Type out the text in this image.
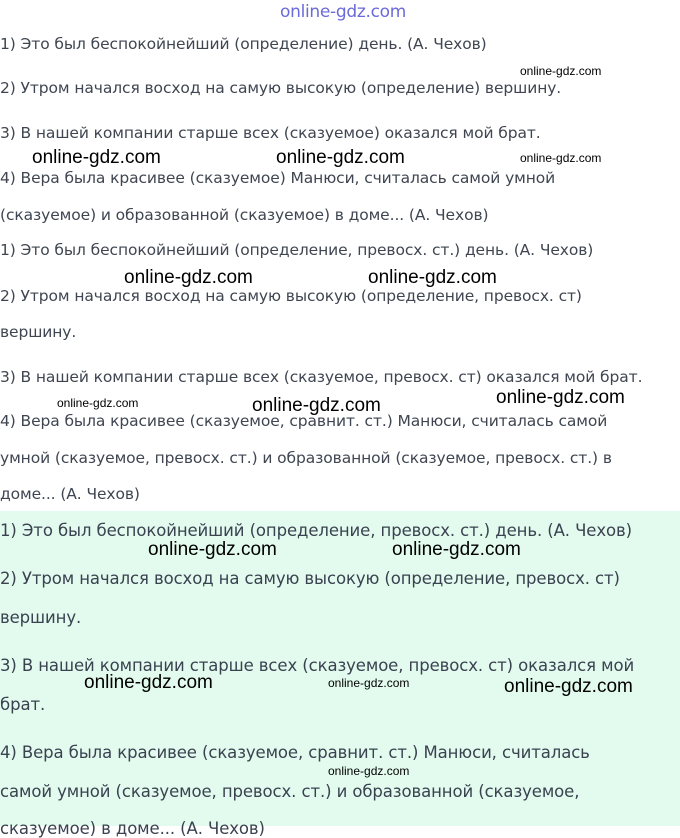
1) Это был беспокойнейший (определение) день. (А. Чехов)
2) Утром начался восход на самую высокую (определение) вершину.
3) В нашей компании старше всех (сказуемое) оказался мой брат.
4) Вера была красивее (сказуемое) Манюси, считалась самой умной
(сказуемое) и образованной (сказуемое) в доме... (А. Чехов)
1) Это был беспокойнейший (определение, превосх. ст.) день. (А. Чехов)
2) Утром начался восход на самую высокую (определение, превосх. ст)
вершину.
3) В нашей компании старше всех (сказуемое, превосх. ст) оказался мой брат.
4) Вера была красивее (сказуемое, сравнит. ст.) Манюси, считалась самой
умной (сказуемое, превосх. ст.) и образованной (сказуемое, превосх. ст.) в
доме... (А. Чехов)
1) Это был беспокойнейший (определение, превосх. ст.) день. (А. Чехов)
2) Утром начался восход на самую высокую (определение, превосх. ст)
вершину.
3) В нашей компании старше всех (сказуемое, превосх. ст) оказался мой
брат.
4) Вера была красивее (сказуемое, сравнит. ст.) Манюси, считалась
самой умной (сказуемое, превосх. ст.) и образованной (сказуемое,
сказуемое) в доме... (А. Чехов)
online-gdz.com
online-gdz.com
online-gdz.com	online-gdz.com	online-gdz.com
online-gdz.com	online-gdz.com
online-gdz.com	online-gdz.com	online-gdz.com
online-gdz.com	online-gdz.com
online-gdz.com	online-gdz.com	online-gdz.com
online-gdz.com
